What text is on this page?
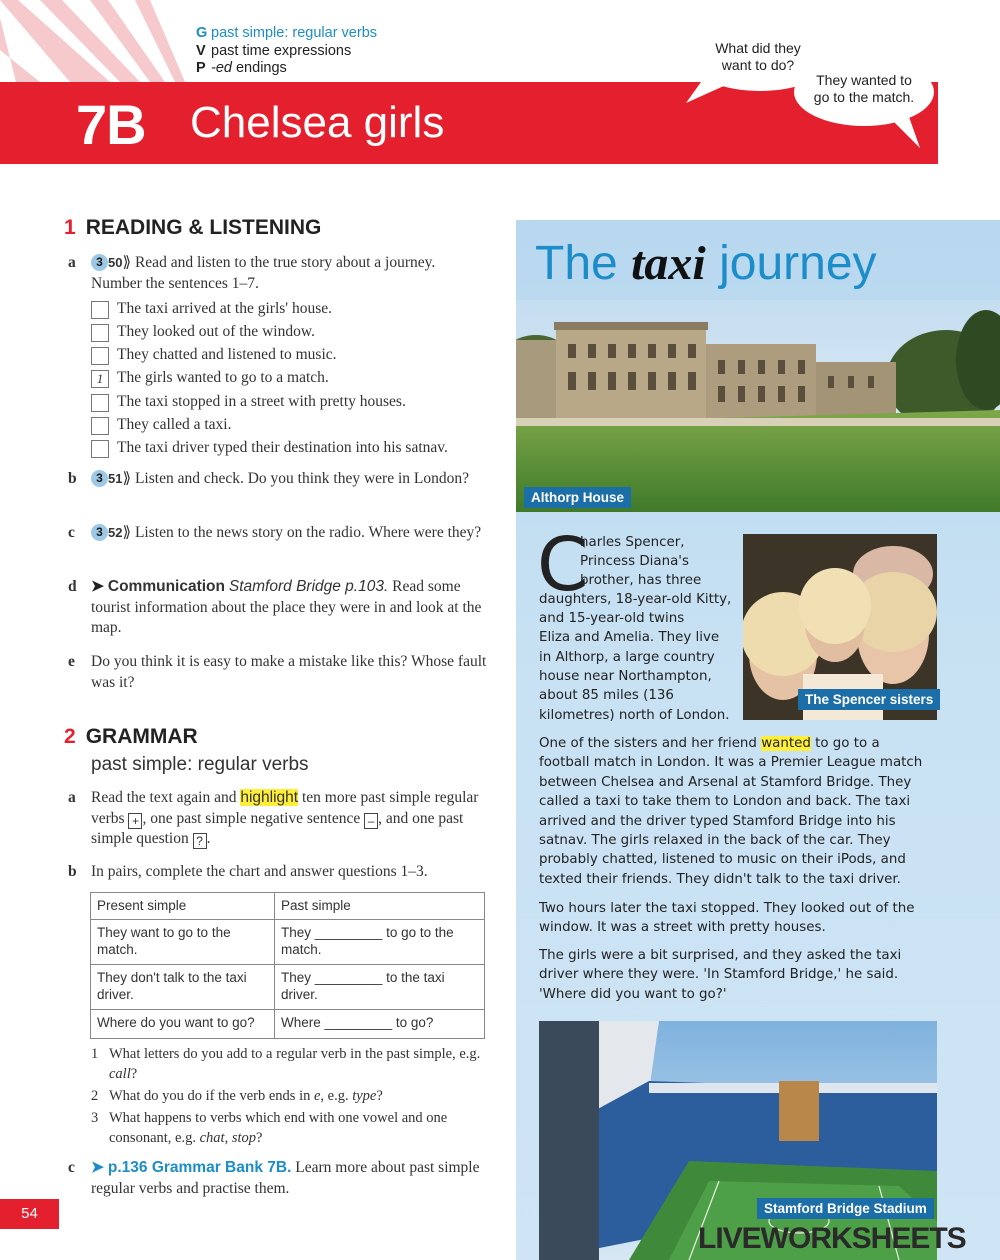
7B Chelsea girls
G past simple: regular verbs
V past time expressions
P -ed endings
What did they
want to do?
They wanted to
go to the match.
1 READING & LISTENING
a	3 50⟫ Read and listen to the true story about a journey. Number the sentences 1–7.
The taxi arrived at the girls' house.
They looked out of the window.
They chatted and listened to music.
1 The girls wanted to go to a match.
The taxi stopped in a street with pretty houses.
They called a taxi.
The taxi driver typed their destination into his satnav.
b	3 51⟫ Listen and check. Do you think they were in London?
c	3 52⟫ Listen to the news story on the radio. Where were they?
d ➤ Communication Stamford Bridge p.103. Read some tourist information about the place they were in and look at the map.
e Do you think it is easy to make a mistake like this? Whose fault was it?
2 GRAMMAR
past simple: regular verbs
a Read the text again and highlight ten more past simple regular verbs + , one past simple negative sentence – , and one past simple question ? .
b In pairs, complete the chart and answer questions 1–3.
Present simple	Past simple
They want to go to the match.	They _________ to go to the match.
They don't talk to the taxi driver.	They _________ to the taxi driver.
Where do you want to go?	Where _________ to go?
1 What letters do you add to a regular verb in the past simple, e.g. call?
2 What do you do if the verb ends in e, e.g. type?
3 What happens to verbs which end with one vowel and one consonant, e.g. chat, stop?
c ➤ p.136 Grammar Bank 7B. Learn more about past simple regular verbs and practise them.
54
The taxi journey
Althorp House
The Spencer sisters
C
harles Spencer,
Princess Diana's
brother, has three
daughters, 18-year-old Kitty,
and 15-year-old twins
Eliza and Amelia. They live
in Althorp, a large country
house near Northampton,
about 85 miles (136
kilometres) north of London.
One of the sisters and her friend wanted to go to a football match in London. It was a Premier League match between Chelsea and Arsenal at Stamford Bridge. They called a taxi to take them to London and back. The taxi arrived and the driver typed Stamford Bridge into his satnav. The girls relaxed in the back of the car. They probably chatted, listened to music on their iPods, and texted their friends. They didn't talk to the taxi driver.
Two hours later the taxi stopped. They looked out of the window. It was a street with pretty houses.
The girls were a bit surprised, and they asked the taxi driver where they were. 'In Stamford Bridge,' he said. 'Where did you want to go?'
Stamford Bridge Stadium
LIVEWORKSHEETS
